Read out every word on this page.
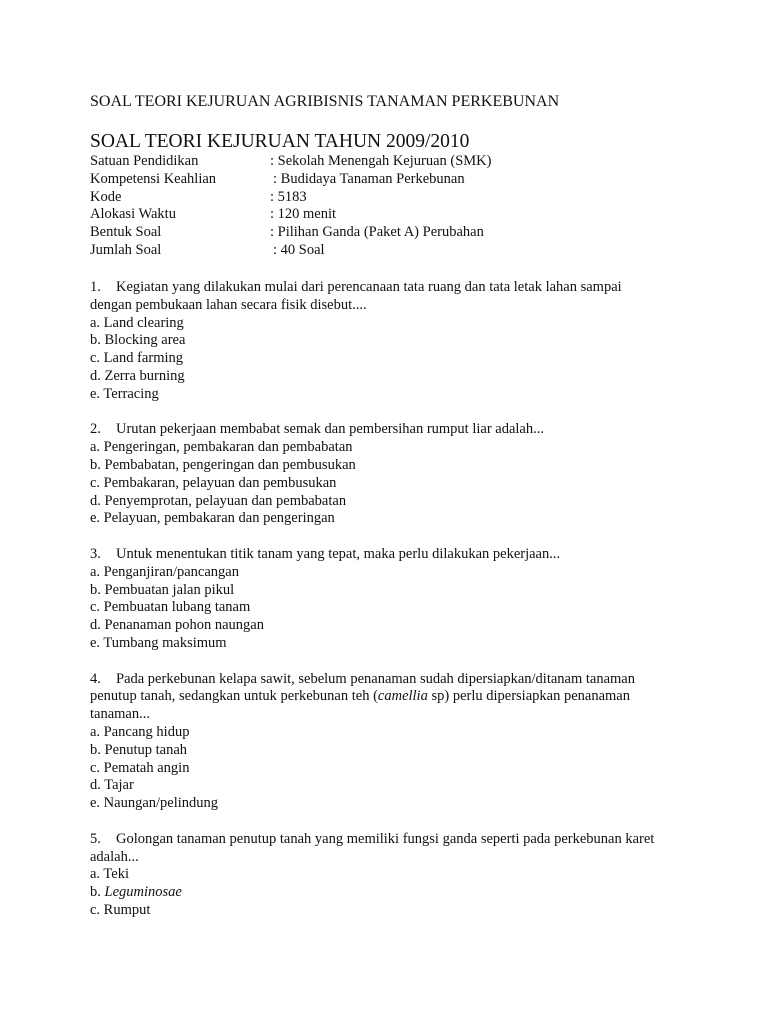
SOAL TEORI KEJURUAN AGRIBISNIS TANAMAN PERKEBUNAN
SOAL TEORI KEJURUAN TAHUN 2009/2010
Satuan Pendidikan	: Sekolah Menengah Kejuruan (SMK)
Kompetensi Keahlian	: Budidaya Tanaman Perkebunan
Kode	: 5183
Alokasi Waktu	: 120 menit
Bentuk Soal	: Pilihan Ganda (Paket A) Perubahan
Jumlah Soal	: 40 Soal
1. Kegiatan yang dilakukan mulai dari perencanaan tata ruang dan tata letak lahan sampai dengan pembukaan lahan secara fisik disebut....
a. Land clearing
b. Blocking area
c. Land farming
d. Zerra burning
e. Terracing
2. Urutan pekerjaan membabat semak dan pembersihan rumput liar adalah...
a. Pengeringan, pembakaran dan pembabatan
b. Pembabatan, pengeringan dan pembusukan
c. Pembakaran, pelayuan dan pembusukan
d. Penyemprotan, pelayuan dan pembabatan
e. Pelayuan, pembakaran dan pengeringan
3. Untuk menentukan titik tanam yang tepat, maka perlu dilakukan pekerjaan...
a. Penganjiran/pancangan
b. Pembuatan jalan pikul
c. Pembuatan lubang tanam
d. Penanaman pohon naungan
e. Tumbang maksimum
4. Pada perkebunan kelapa sawit, sebelum penanaman sudah dipersiapkan/ditanam tanaman penutup tanah, sedangkan untuk perkebunan teh (camellia sp) perlu dipersiapkan penanaman tanaman...
a. Pancang hidup
b. Penutup tanah
c. Pematah angin
d. Tajar
e. Naungan/pelindung
5. Golongan tanaman penutup tanah yang memiliki fungsi ganda seperti pada perkebunan karet adalah...
a. Teki
b. Leguminosae
c. Rumput
